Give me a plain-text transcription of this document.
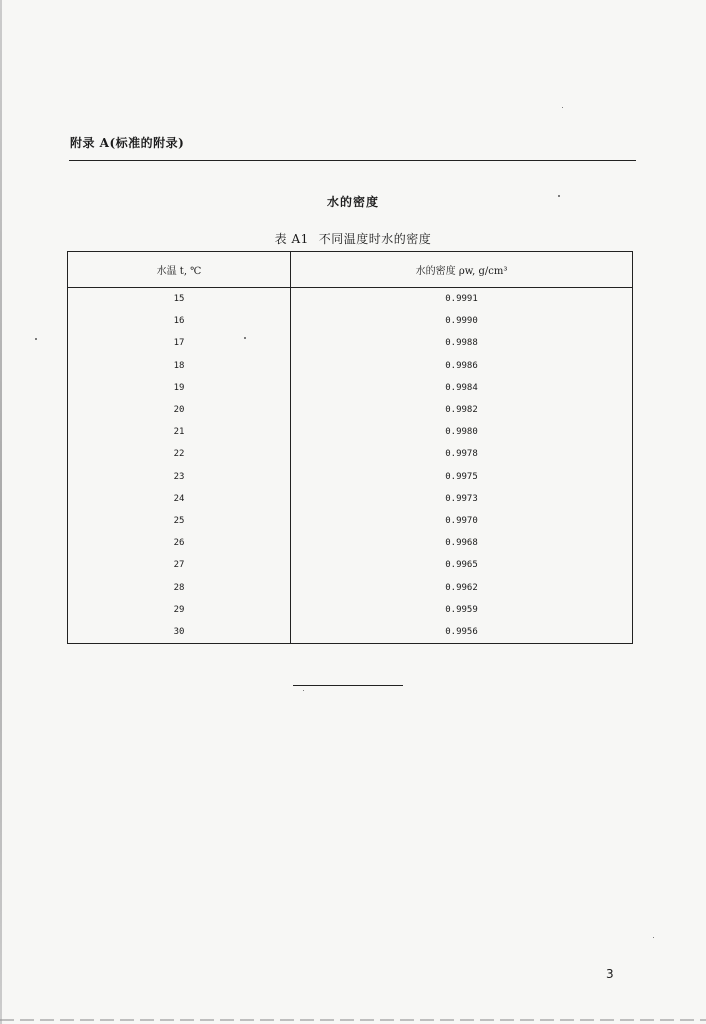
附录 A(标准的附录)
水的密度
表 A1 不同温度时水的密度
水温 t, ℃	水的密度 ρw, g/cm³
15	0.9991
16	0.9990
17	0.9988
18	0.9986
19	0.9984
20	0.9982
21	0.9980
22	0.9978
23	0.9975
24	0.9973
25	0.9970
26	0.9968
27	0.9965
28	0.9962
29	0.9959
30	0.9956
3
